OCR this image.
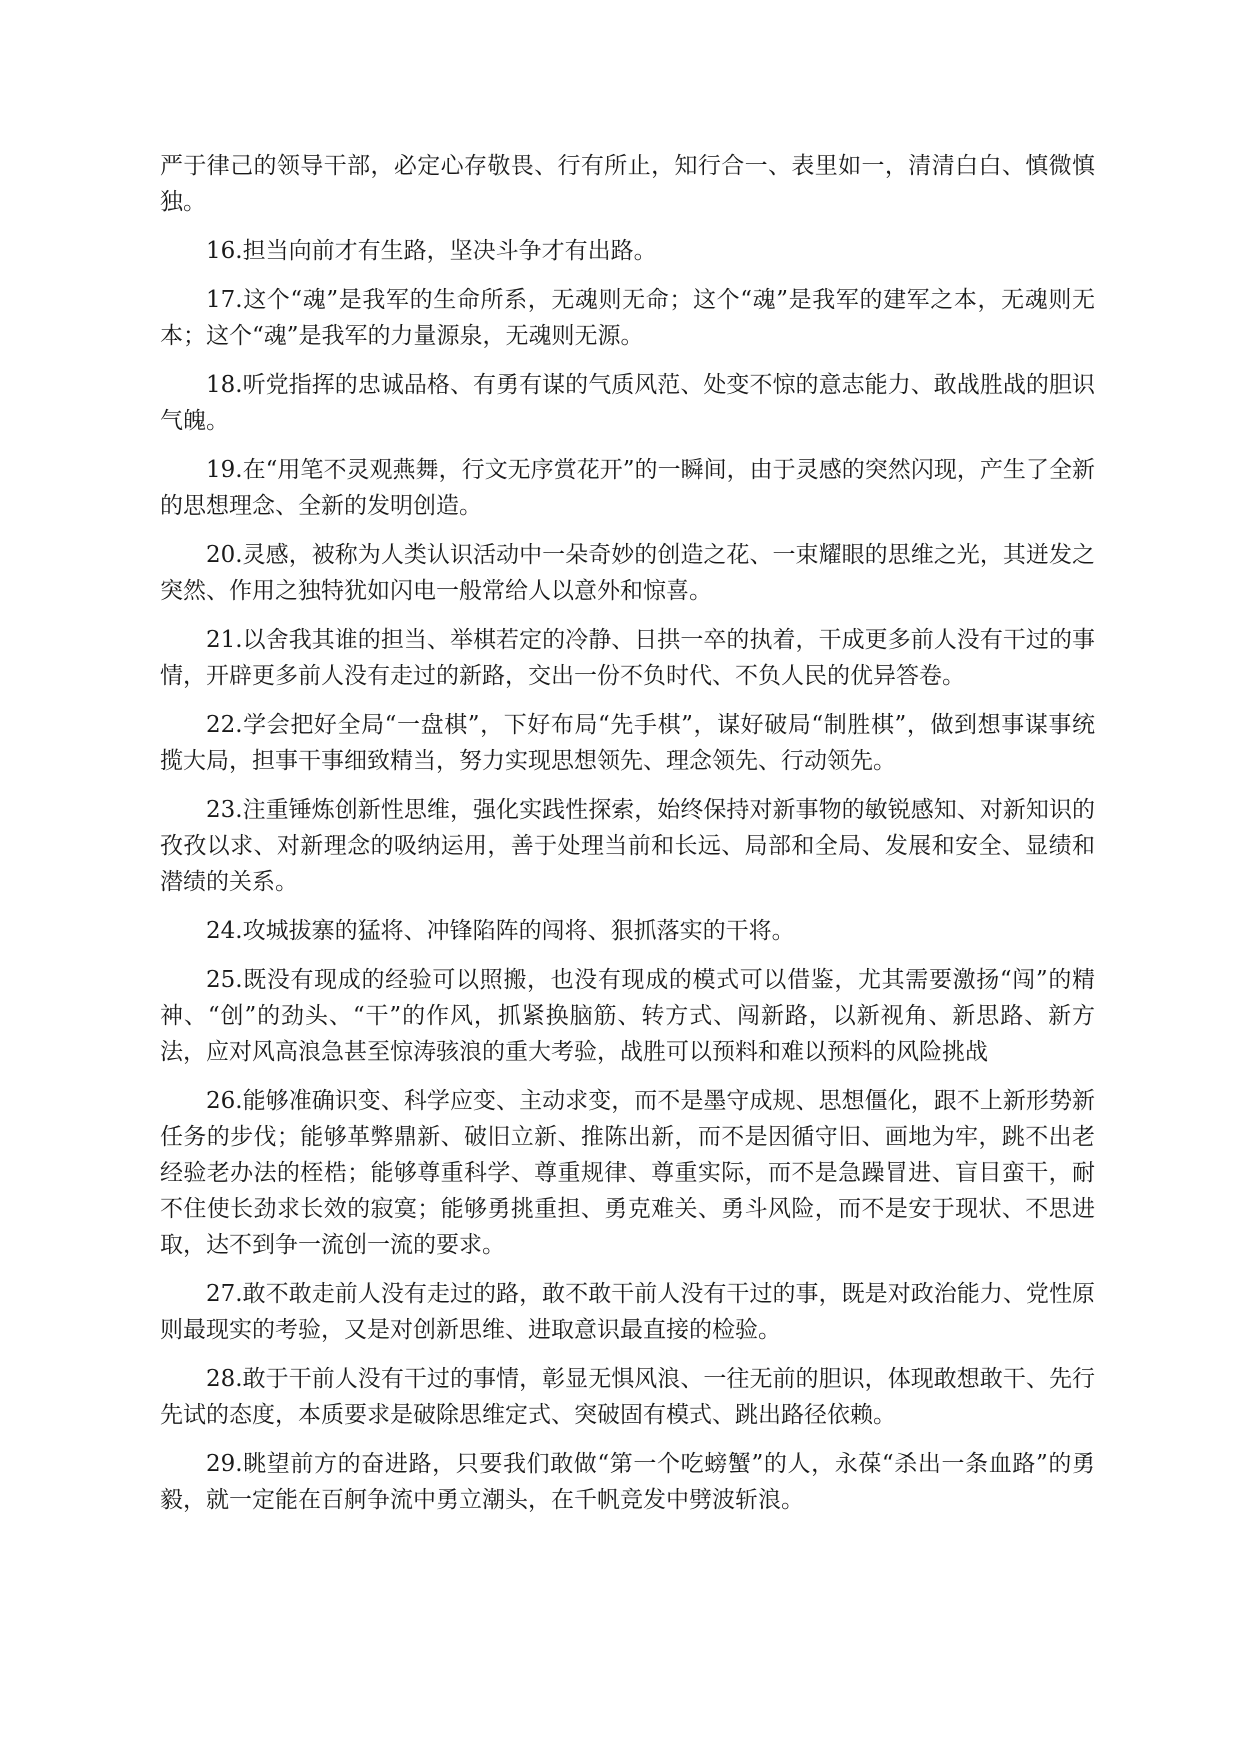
严于律己的领导干部，必定心存敬畏、行有所止，知行合一、表里如一，清清白白、慎微慎独。

16.担当向前才有生路，坚决斗争才有出路。

17.这个“魂”是我军的生命所系，无魂则无命；这个“魂”是我军的建军之本，无魂则无本；这个“魂”是我军的力量源泉，无魂则无源。

18.听党指挥的忠诚品格、有勇有谋的气质风范、处变不惊的意志能力、敢战胜战的胆识气魄。

19.在“用笔不灵观燕舞，行文无序赏花开”的一瞬间，由于灵感的突然闪现，产生了全新的思想理念、全新的发明创造。

20.灵感，被称为人类认识活动中一朵奇妙的创造之花、一束耀眼的思维之光，其迸发之突然、作用之独特犹如闪电一般常给人以意外和惊喜。

21.以舍我其谁的担当、举棋若定的冷静、日拱一卒的执着，干成更多前人没有干过的事情，开辟更多前人没有走过的新路，交出一份不负时代、不负人民的优异答卷。

22.学会把好全局“一盘棋”，下好布局“先手棋”，谋好破局“制胜棋”，做到想事谋事统揽大局，担事干事细致精当，努力实现思想领先、理念领先、行动领先。

23.注重锤炼创新性思维，强化实践性探索，始终保持对新事物的敏锐感知、对新知识的孜孜以求、对新理念的吸纳运用，善于处理当前和长远、局部和全局、发展和安全、显绩和潜绩的关系。

24.攻城拔寨的猛将、冲锋陷阵的闯将、狠抓落实的干将。

25.既没有现成的经验可以照搬，也没有现成的模式可以借鉴，尤其需要激扬“闯”的精神、“创”的劲头、“干”的作风，抓紧换脑筋、转方式、闯新路，以新视角、新思路、新方法，应对风高浪急甚至惊涛骇浪的重大考验，战胜可以预料和难以预料的风险挑战

26.能够准确识变、科学应变、主动求变，而不是墨守成规、思想僵化，跟不上新形势新任务的步伐；能够革弊鼎新、破旧立新、推陈出新，而不是因循守旧、画地为牢，跳不出老经验老办法的桎梏；能够尊重科学、尊重规律、尊重实际，而不是急躁冒进、盲目蛮干，耐不住使长劲求长效的寂寞；能够勇挑重担、勇克难关、勇斗风险，而不是安于现状、不思进取，达不到争一流创一流的要求。

27.敢不敢走前人没有走过的路，敢不敢干前人没有干过的事，既是对政治能力、党性原则最现实的考验，又是对创新思维、进取意识最直接的检验。

28.敢于干前人没有干过的事情，彰显无惧风浪、一往无前的胆识，体现敢想敢干、先行先试的态度，本质要求是破除思维定式、突破固有模式、跳出路径依赖。

29.眺望前方的奋进路，只要我们敢做“第一个吃螃蟹”的人，永葆“杀出一条血路”的勇毅，就一定能在百舸争流中勇立潮头，在千帆竞发中劈波斩浪。
